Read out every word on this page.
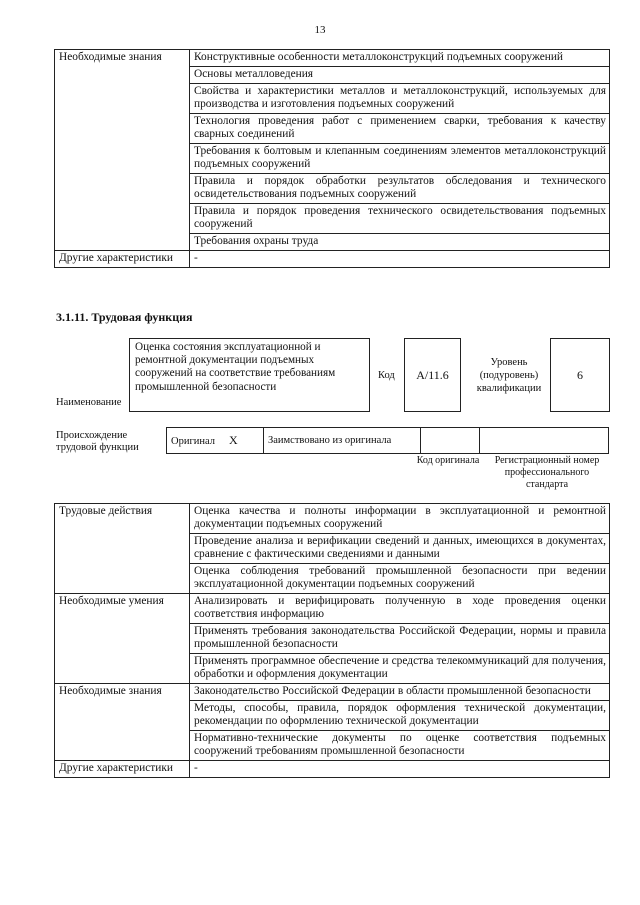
13
Необходимые знания	Конструктивные особенности металлоконструкций подъемных сооружений
	Основы металловедения
	Свойства и характеристики металлов и металлоконструкций, используемых для производства и изготовления подъемных сооружений
	Технология проведения работ с применением сварки, требования к качеству сварных соединений
	Требования к болтовым и клепанным соединениям элементов металлоконструкций подъемных сооружений
	Правила и порядок обработки результатов обследования и технического освидетельствования подъемных сооружений
	Правила и порядок проведения технического освидетельствования подъемных сооружений
	Требования охраны труда
Другие характеристики	-
3.1.11. Трудовая функция
Наименование
Оценка состояния эксплуатационной и ремонтной документации подъемных сооружений на соответствие требованиям промышленной безопасности
Код A/11.6
Уровень (подуровень) квалификации
6
Происхождение трудовой функции
Оригинал X	Заимствовано из оригинала		
Код оригинала	Регистрационный номер профессионального стандарта
Трудовые действия	Оценка качества и полноты информации в эксплуатационной и ремонтной документации подъемных сооружений
	Проведение анализа и верификации сведений и данных, имеющихся в документах, сравнение с фактическими сведениями и данными
	Оценка соблюдения требований промышленной безопасности при ведении эксплуатационной документации подъемных сооружений
Необходимые умения	Анализировать и верифицировать полученную в ходе проведения оценки соответствия информацию
	Применять требования законодательства Российской Федерации, нормы и правила промышленной безопасности
	Применять программное обеспечение и средства телекоммуникаций для получения, обработки и оформления документации
Необходимые знания	Законодательство Российской Федерации в области промышленной безопасности
	Методы, способы, правила, порядок оформления технической документации, рекомендации по оформлению технической документации
	Нормативно-технические документы по оценке соответствия подъемных сооружений требованиям промышленной безопасности
Другие характеристики	-
